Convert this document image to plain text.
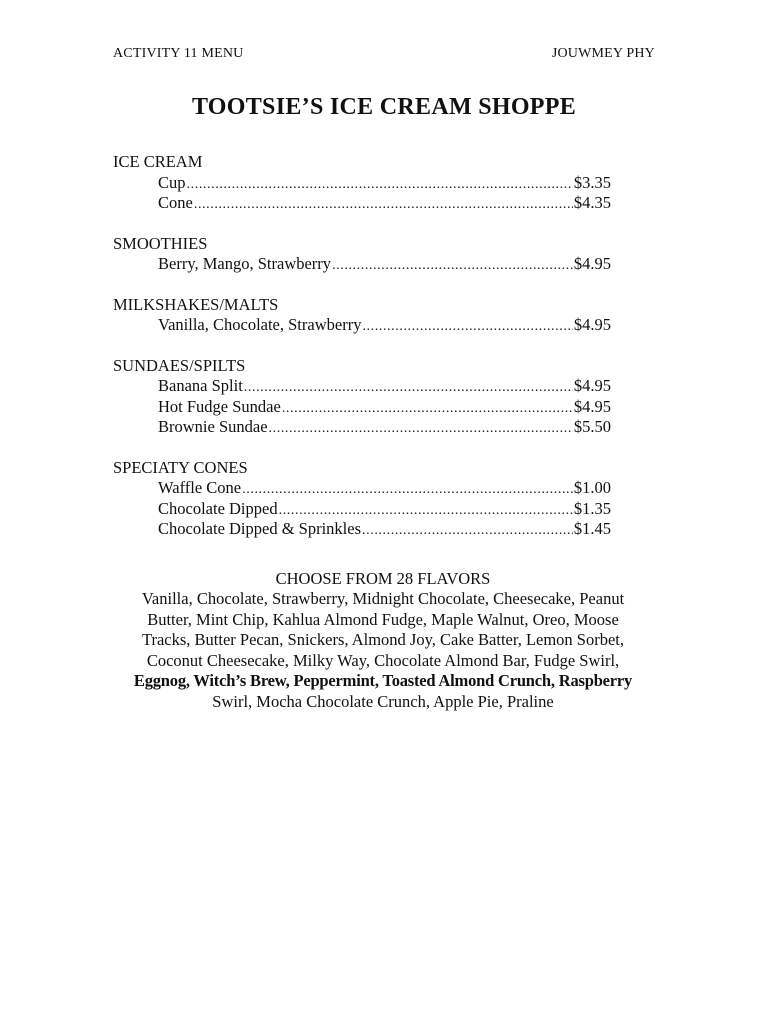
ACTIVITY 11 MENU	JOUWMEY PHY
TOOTSIE’S ICE CREAM SHOPPE
ICE CREAM
Cup .....	$3.35
Cone .....	$4.35
SMOOTHIES
Berry, Mango, Strawberry .....	$4.95
MILKSHAKES/MALTS
Vanilla, Chocolate, Strawberry .....	$4.95
SUNDAES/SPILTS
Banana Split .....	$4.95
Hot Fudge Sundae .....	$4.95
Brownie Sundae .....	$5.50
SPECIATY CONES
Waffle Cone .....	$1.00
Chocolate Dipped .....	$1.35
Chocolate Dipped & Sprinkles .....	$1.45
CHOOSE FROM 28 FLAVORS
Vanilla, Chocolate, Strawberry, Midnight Chocolate, Cheesecake, Peanut
Butter, Mint Chip, Kahlua Almond Fudge, Maple Walnut, Oreo, Moose
Tracks, Butter Pecan, Snickers, Almond Joy, Cake Batter, Lemon Sorbet,
Coconut Cheesecake, Milky Way, Chocolate Almond Bar, Fudge Swirl,
Eggnog, Witch’s Brew, Peppermint, Toasted Almond Crunch, Raspberry
Swirl, Mocha Chocolate Crunch, Apple Pie, Praline
